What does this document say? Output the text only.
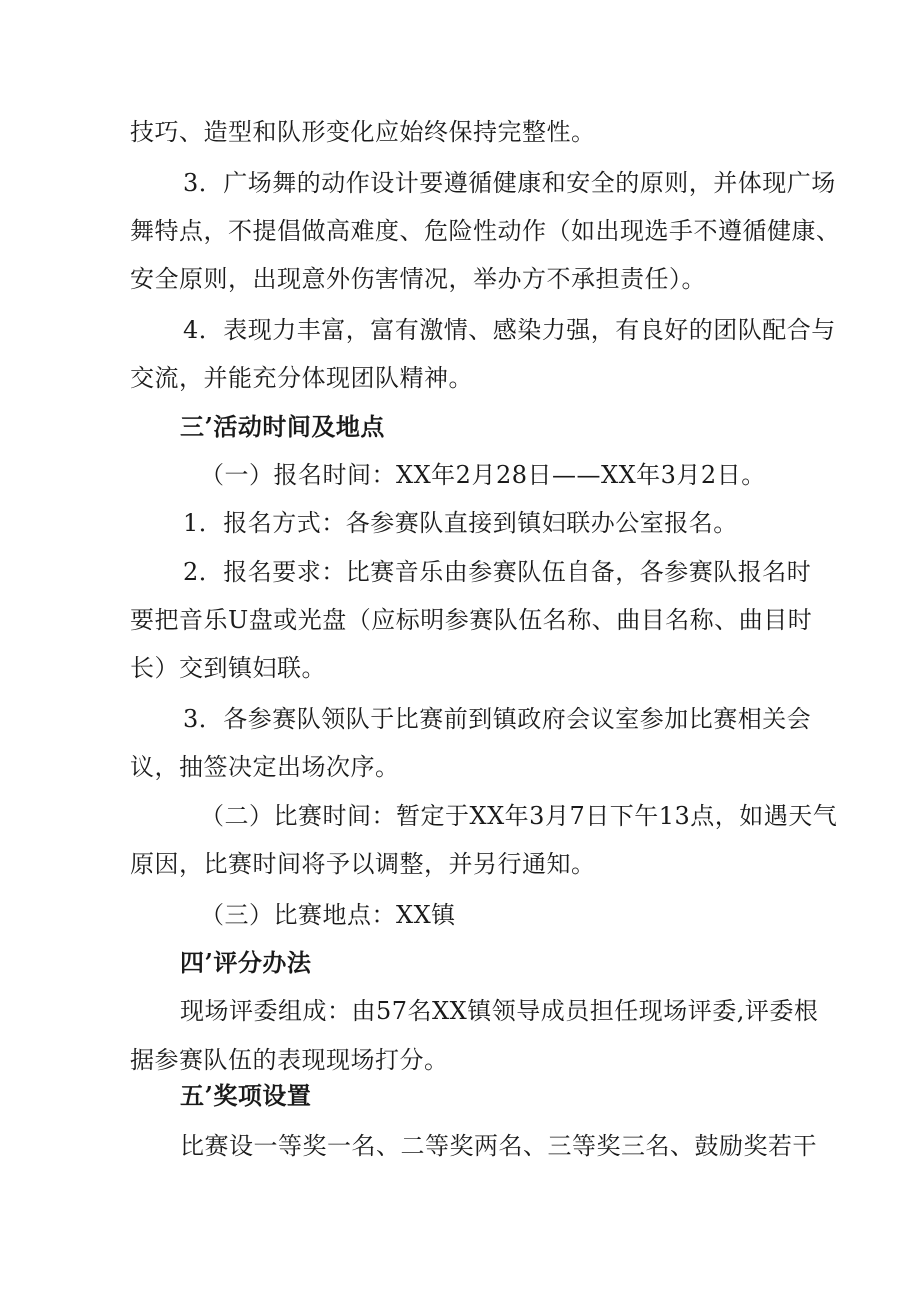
技巧、造型和队形变化应始终保持完整性。
3．广场舞的动作设计要遵循健康和安全的原则，并体现广场
舞特点，不提倡做高难度、危险性动作（如出现选手不遵循健康、
安全原则，出现意外伤害情况，举办方不承担责任）。
4．表现力丰富，富有激情、感染力强，有良好的团队配合与
交流，并能充分体现团队精神。
三’活动时间及地点
（一）报名时间：XX年2月28日——XX年3月2日。
1．报名方式：各参赛队直接到镇妇联办公室报名。
2．报名要求：比赛音乐由参赛队伍自备，各参赛队报名时
要把音乐U盘或光盘（应标明参赛队伍名称、曲目名称、曲目时
长）交到镇妇联。
3．各参赛队领队于比赛前到镇政府会议室参加比赛相关会
议，抽签决定出场次序。
（二）比赛时间：暂定于XX年3月7日下午13点，如遇天气
原因，比赛时间将予以调整，并另行通知。
（三）比赛地点：XX镇
四’评分办法
现场评委组成：由57名XX镇领导成员担任现场评委,评委根
据参赛队伍的表现现场打分。
五’奖项设置
比赛设一等奖一名、二等奖两名、三等奖三名、鼓励奖若干
